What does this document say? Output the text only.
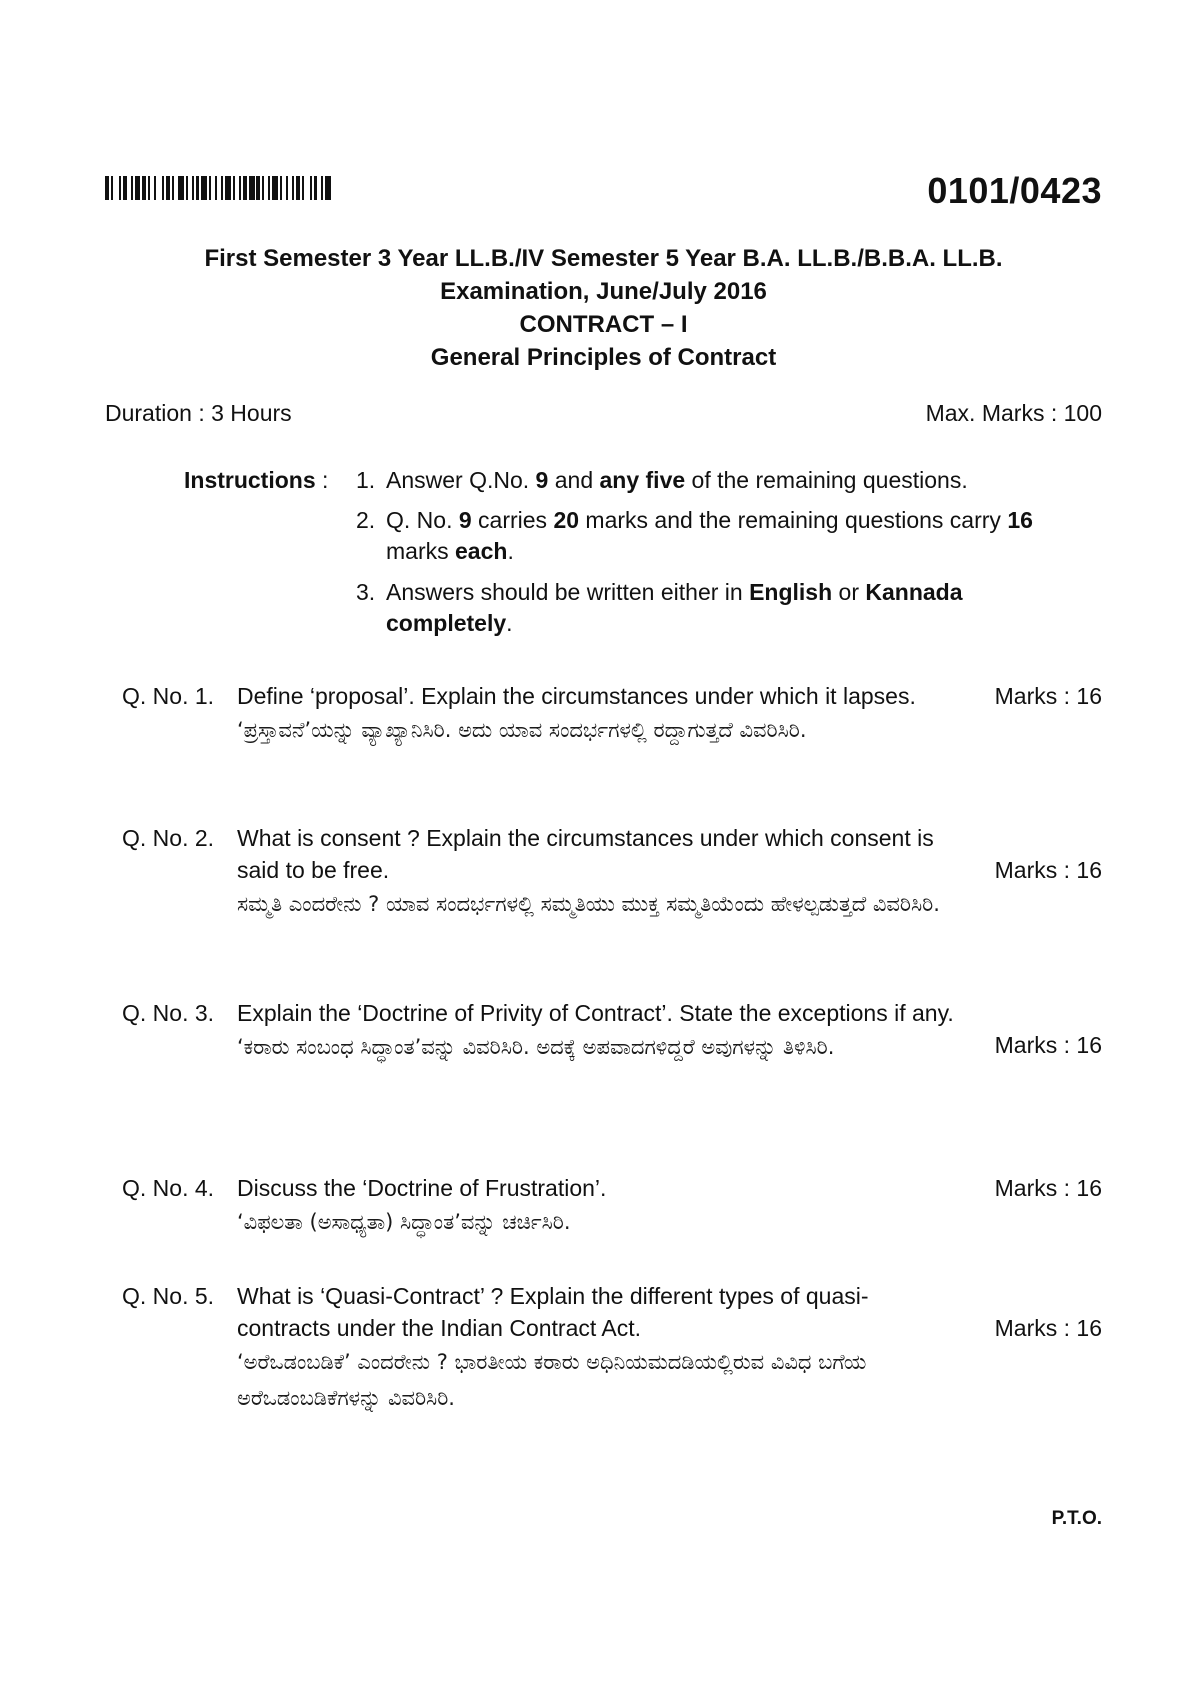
0101/0423
First Semester 3 Year LL.B./IV Semester 5 Year B.A. LL.B./B.B.A. LL.B.
Examination, June/July 2016
CONTRACT – I
General Principles of Contract
Duration : 3 Hours	Max. Marks : 100
Instructions : 1. Answer Q.No. 9 and any five of the remaining questions.
2. Q. No. 9 carries 20 marks and the remaining questions carry 16 marks each.
3. Answers should be written either in English or Kannada completely.
Q. No. 1. Define ‘proposal’. Explain the circumstances under which it lapses.
‘ಪ್ರಸ್ತಾವನೆ’ಯನ್ನು ವ್ಯಾಖ್ಯಾನಿಸಿರಿ. ಅದು ಯಾವ ಸಂದರ್ಭಗಳಲ್ಲಿ ರದ್ದಾಗುತ್ತದೆ ವಿವರಿಸಿರಿ.
Marks : 16
Q. No. 2. What is consent ? Explain the circumstances under which consent is said to be free.
ಸಮ್ಮತಿ ಎಂದರೇನು ? ಯಾವ ಸಂದರ್ಭಗಳಲ್ಲಿ ಸಮ್ಮತಿಯು ಮುಕ್ತ ಸಮ್ಮತಿಯೆಂದು ಹೇಳಲ್ಪಡುತ್ತದೆ ವಿವರಿಸಿರಿ.
Marks : 16
Q. No. 3. Explain the ‘Doctrine of Privity of Contract’. State the exceptions if any.
‘ಕರಾರು ಸಂಬಂಧ ಸಿದ್ಧಾಂತ’ವನ್ನು ವಿವರಿಸಿರಿ. ಅದಕ್ಕೆ ಅಪವಾದಗಳಿದ್ದರೆ ಅವುಗಳನ್ನು ತಿಳಿಸಿರಿ.	Marks : 16
Q. No. 4. Discuss the ‘Doctrine of Frustration’.
‘ವಿಫಲತಾ (ಅಸಾಧ್ಯತಾ) ಸಿದ್ಧಾಂತ’ವನ್ನು ಚರ್ಚಿಸಿರಿ.
Marks : 16
Q. No. 5. What is ‘Quasi-Contract’ ? Explain the different types of quasi-contracts under the Indian Contract Act.
‘ಅರೆಒಡಂಬಡಿಕೆ’ ಎಂದರೇನು ? ಭಾರತೀಯ ಕರಾರು ಅಧಿನಿಯಮದಡಿಯಲ್ಲಿರುವ ವಿವಿಧ ಬಗೆಯ ಅರೆಒಡಂಬಡಿಕೆಗಳನ್ನು ವಿವರಿಸಿರಿ.
Marks : 16
P.T.O.
